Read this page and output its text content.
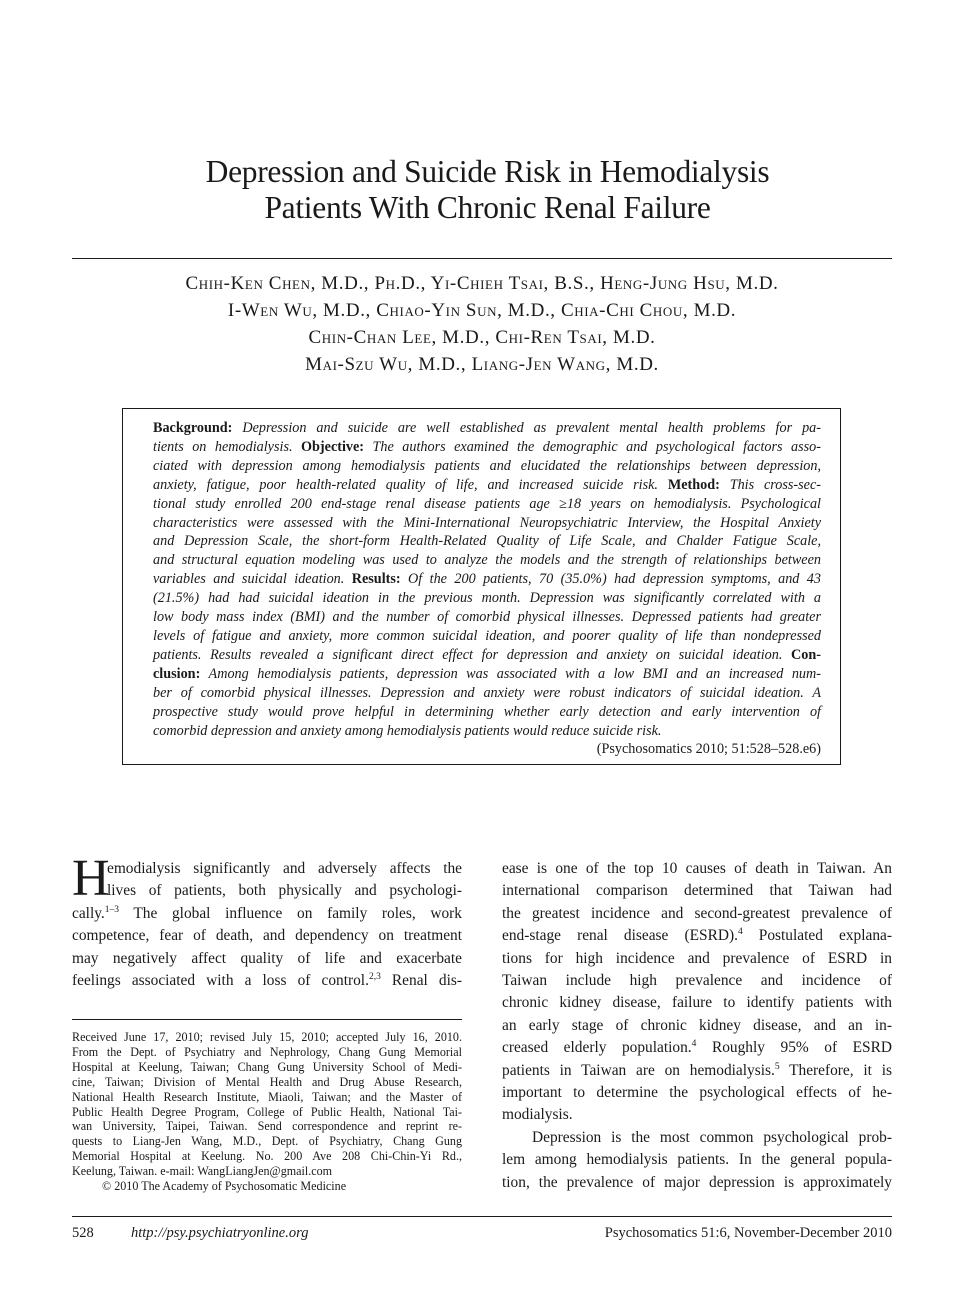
Depression and Suicide Risk in Hemodialysis
Patients With Chronic Renal Failure
Chih-Ken Chen, M.D., Ph.D., Yi-Chieh Tsai, B.S., Heng-Jung Hsu, M.D.
I-Wen Wu, M.D., Chiao-Yin Sun, M.D., Chia-Chi Chou, M.D.
Chin-Chan Lee, M.D., Chi-Ren Tsai, M.D.
Mai-Szu Wu, M.D., Liang-Jen Wang, M.D.
Background: Depression and suicide are well established as prevalent mental health problems for pa-
tients on hemodialysis. Objective: The authors examined the demographic and psychological factors asso-
ciated with depression among hemodialysis patients and elucidated the relationships between depression,
anxiety, fatigue, poor health-related quality of life, and increased suicide risk. Method: This cross-sec-
tional study enrolled 200 end-stage renal disease patients age ≥18 years on hemodialysis. Psychological
characteristics were assessed with the Mini-International Neuropsychiatric Interview, the Hospital Anxiety
and Depression Scale, the short-form Health-Related Quality of Life Scale, and Chalder Fatigue Scale,
and structural equation modeling was used to analyze the models and the strength of relationships between
variables and suicidal ideation. Results: Of the 200 patients, 70 (35.0%) had depression symptoms, and 43
(21.5%) had had suicidal ideation in the previous month. Depression was significantly correlated with a
low body mass index (BMI) and the number of comorbid physical illnesses. Depressed patients had greater
levels of fatigue and anxiety, more common suicidal ideation, and poorer quality of life than nondepressed
patients. Results revealed a significant direct effect for depression and anxiety on suicidal ideation. Con-
clusion: Among hemodialysis patients, depression was associated with a low BMI and an increased num-
ber of comorbid physical illnesses. Depression and anxiety were robust indicators of suicidal ideation. A
prospective study would prove helpful in determining whether early detection and early intervention of
comorbid depression and anxiety among hemodialysis patients would reduce suicide risk.
(Psychosomatics 2010; 51:528–528.e6)
H
emodialysis significantly and adversely affects the
lives of patients, both physically and psychologi-
cally.$^{1-3}$ The global influence on family roles, work
competence, fear of death, and dependency on treatment
may negatively affect quality of life and exacerbate
feelings associated with a loss of control.$^{2,3}$ Renal dis-
Received June 17, 2010; revised July 15, 2010; accepted July 16, 2010.
From the Dept. of Psychiatry and Nephrology, Chang Gung Memorial
Hospital at Keelung, Taiwan; Chang Gung University School of Medi-
cine, Taiwan; Division of Mental Health and Drug Abuse Research,
National Health Research Institute, Miaoli, Taiwan; and the Master of
Public Health Degree Program, College of Public Health, National Tai-
wan University, Taipei, Taiwan. Send correspondence and reprint re-
quests to Liang-Jen Wang, M.D., Dept. of Psychiatry, Chang Gung
Memorial Hospital at Keelung. No. 200 Ave 208 Chi-Chin-Yi Rd.,
Keelung, Taiwan. e-mail: WangLiangJen@gmail.com
© 2010 The Academy of Psychosomatic Medicine
ease is one of the top 10 causes of death in Taiwan. An
international comparison determined that Taiwan had
the greatest incidence and second-greatest prevalence of
end-stage renal disease (ESRD).$^4$ Postulated explana-
tions for high incidence and prevalence of ESRD in
Taiwan include high prevalence and incidence of
chronic kidney disease, failure to identify patients with
an early stage of chronic kidney disease, and an in-
creased elderly population.$^4$ Roughly 95% of ESRD
patients in Taiwan are on hemodialysis.$^5$ Therefore, it is
important to determine the psychological effects of he-
modialysis.
Depression is the most common psychological prob-
lem among hemodialysis patients. In the general popula-
tion, the prevalence of major depression is approximately
528	http://psy.psychiatryonline.org	Psychosomatics 51:6, November-December 2010
